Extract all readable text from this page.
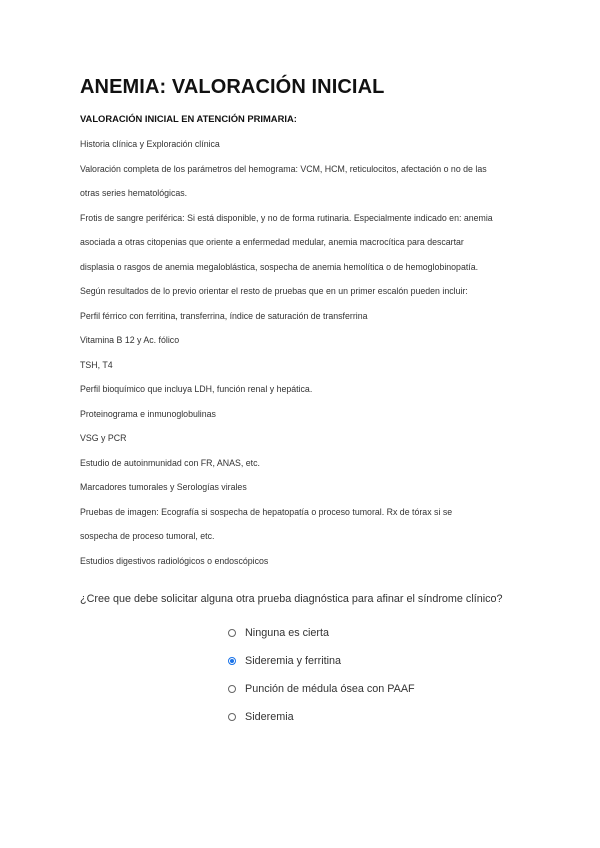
ANEMIA: VALORACIÓN INICIAL
VALORACIÓN INICIAL EN ATENCIÓN PRIMARIA:
Historia clínica y Exploración clínica
Valoración completa de los parámetros del hemograma: VCM, HCM, reticulocitos, afectación o no de las
otras series hematológicas.
Frotis de sangre periférica: Si está disponible, y no de forma rutinaria. Especialmente indicado en: anemia
asociada a otras citopenias que oriente a enfermedad medular, anemia macrocítica para descartar
displasia o rasgos de anemia megaloblástica, sospecha de anemia hemolítica o de hemoglobinopatía.
Según resultados de lo previo orientar el resto de pruebas que en un primer escalón pueden incluir:
Perfil férrico con ferritina, transferrina, índice de saturación de transferrina
Vitamina B 12 y Ac. fólico
TSH, T4
Perfil bioquímico que incluya LDH, función renal y hepática.
Proteinograma e inmunoglobulinas
VSG y PCR
Estudio de autoinmunidad con FR, ANAS, etc.
Marcadores tumorales y Serologías virales
Pruebas de imagen: Ecografía si sospecha de hepatopatía o proceso tumoral. Rx de tórax si se
sospecha de proceso tumoral, etc.
Estudios digestivos radiológicos o endoscópicos

¿Cree que debe solicitar alguna otra prueba diagnóstica para afinar el síndrome clínico?

Ninguna es cierta
Sideremia y ferritina
Punción de médula ósea con PAAF
Sideremia
